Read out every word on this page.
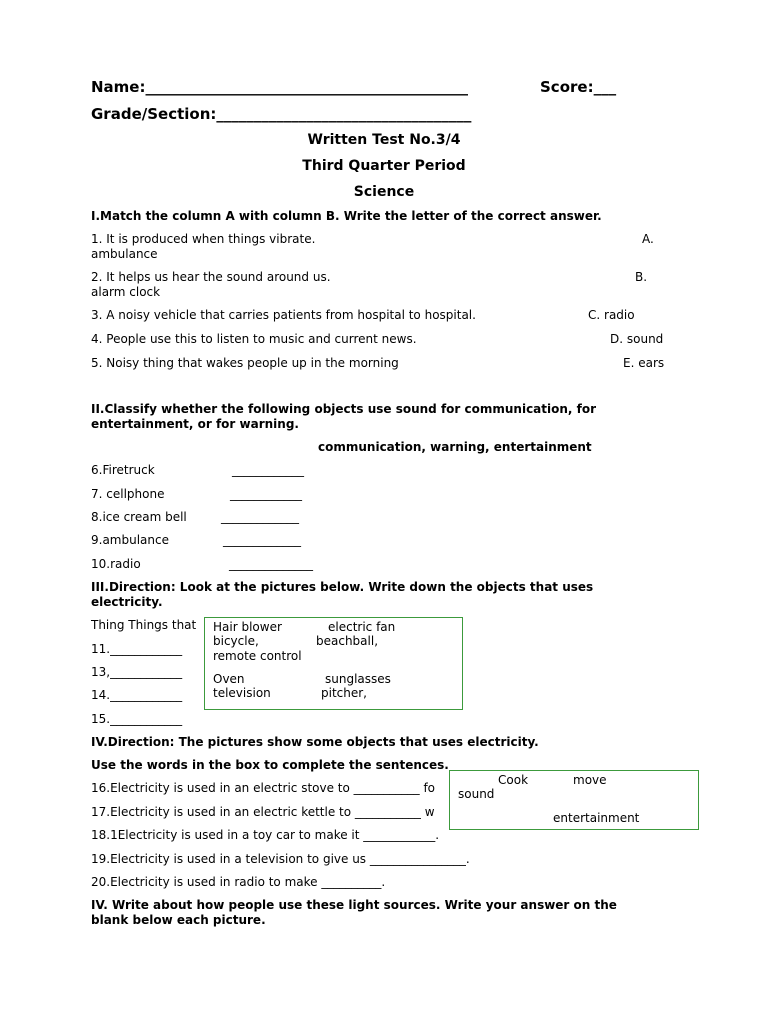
Name:___________________________________________	Score:___
Grade/Section:__________________________________
Written Test No.3/4
Third Quarter Period
Science
I.Match the column A with column B. Write the letter of the correct answer.
1. It is produced when things vibrate.	A.
ambulance
2. It helps us hear the sound around us.	B.
alarm clock
3. A noisy vehicle that carries patients from hospital to hospital.	C. radio
4. People use this to listen to music and current news.	D. sound
5. Noisy thing that wakes people up in the morning	E. ears
II.Classify whether the following objects use sound for communication, for
entertainment, or for warning.
communication, warning, entertainment
6.Firetruck	____________
7. cellphone	____________
8.ice cream bell	_____________
9.ambulance	_____________
10.radio	______________
III.Direction: Look at the pictures below. Write down the objects that uses
electricity.
Thing Things that
11.____________
13,____________
14.____________
15.____________
Hair blower	electric fan
bicycle,	beachball,
remote control
Oven	sunglasses
television	pitcher,
IV.Direction: The pictures show some objects that uses electricity.
Use the words in the box to complete the sentences.
16.Electricity is used in an electric stove to ___________ fo
17.Electricity is used in an electric kettle to ___________ w
18.1Electricity is used in a toy car to make it ____________.
19.Electricity is used in a television to give us ________________.
20.Electricity is used in radio to make __________.
Cook	move
sound
entertainment
IV. Write about how people use these light sources. Write your answer on the
blank below each picture.
